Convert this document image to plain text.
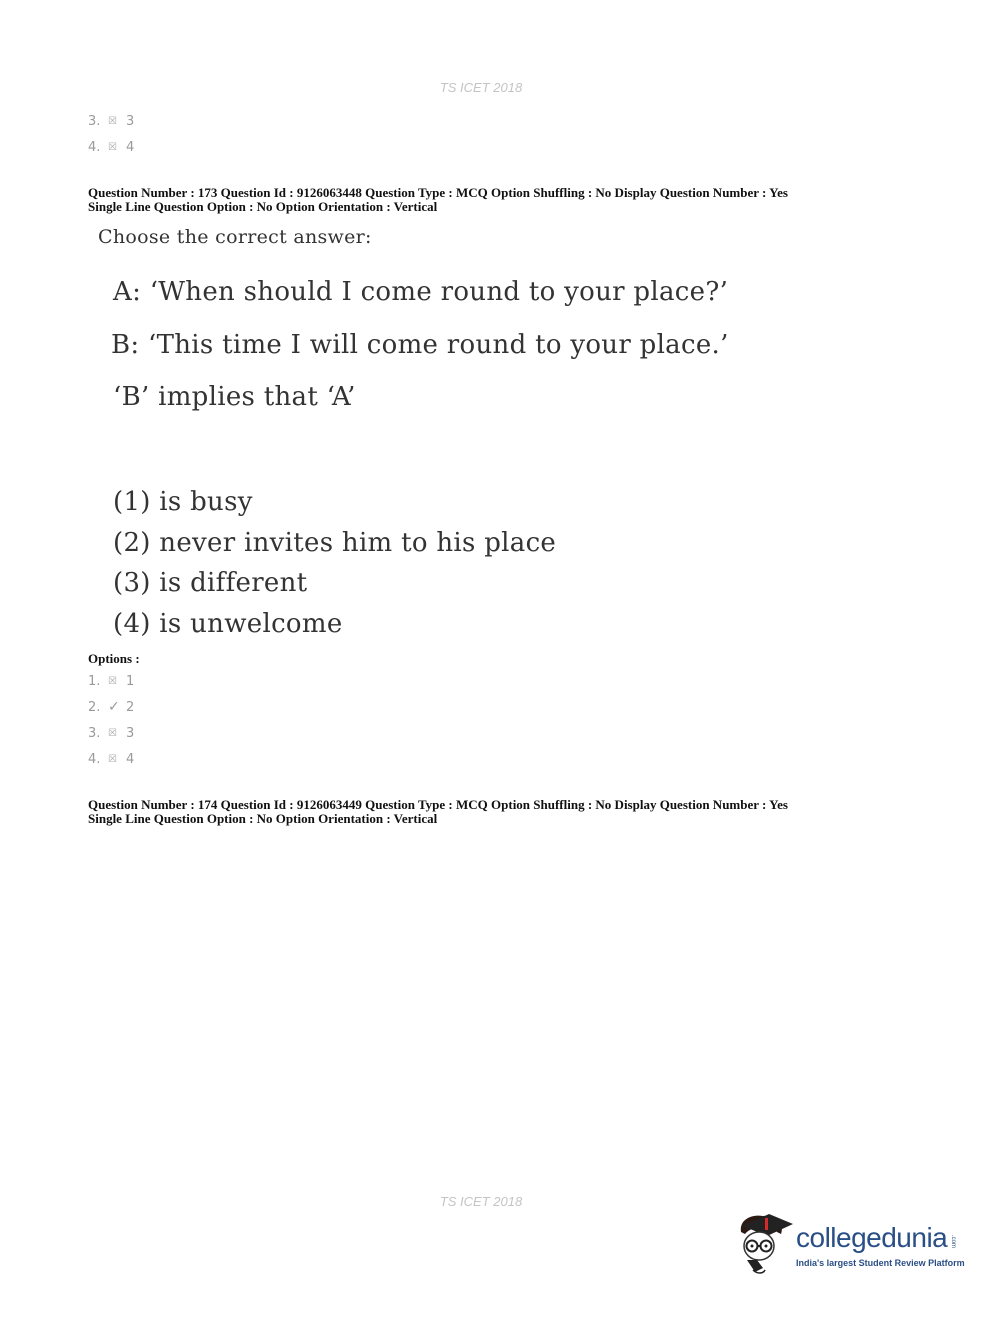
TS ICET 2018
3. ☒ 3
4. ☒ 4
Question Number : 173 Question Id : 9126063448 Question Type : MCQ Option Shuffling : No Display Question Number : Yes
Single Line Question Option : No Option Orientation : Vertical
Choose the correct answer:
A: ‘When should I come round to your place?’
B: ‘This time I will come round to your place.’
‘B’ implies that ‘A’
(1) is busy
(2) never invites him to his place
(3) is different
(4) is unwelcome
Options :
1. ☒ 1
2. ✓ 2
3. ☒ 3
4. ☒ 4
Question Number : 174 Question Id : 9126063449 Question Type : MCQ Option Shuffling : No Display Question Number : Yes
Single Line Question Option : No Option Orientation : Vertical
TS ICET 2018
collegedunia .com
India's largest Student Review Platform
